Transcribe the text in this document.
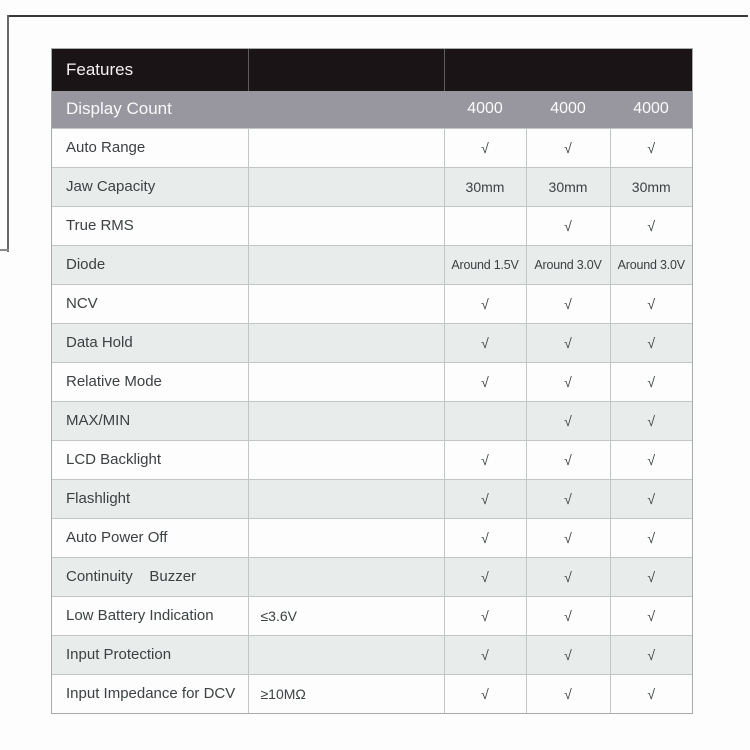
Features				
Display Count		4000	4000	4000
Auto Range		√	√	√
Jaw Capacity		30mm	30mm	30mm
True RMS			√	√
Diode		Around 1.5V	Around 3.0V	Around 3.0V
NCV		√	√	√
Data Hold		√	√	√
Relative Mode		√	√	√
MAX/MIN			√	√
LCD Backlight		√	√	√
Flashlight		√	√	√
Auto Power Off		√	√	√
Continuity    Buzzer		√	√	√
Low Battery Indication	≤3.6V	√	√	√
Input Protection		√	√	√
Input Impedance for DCV	≥10MΩ	√	√	√
